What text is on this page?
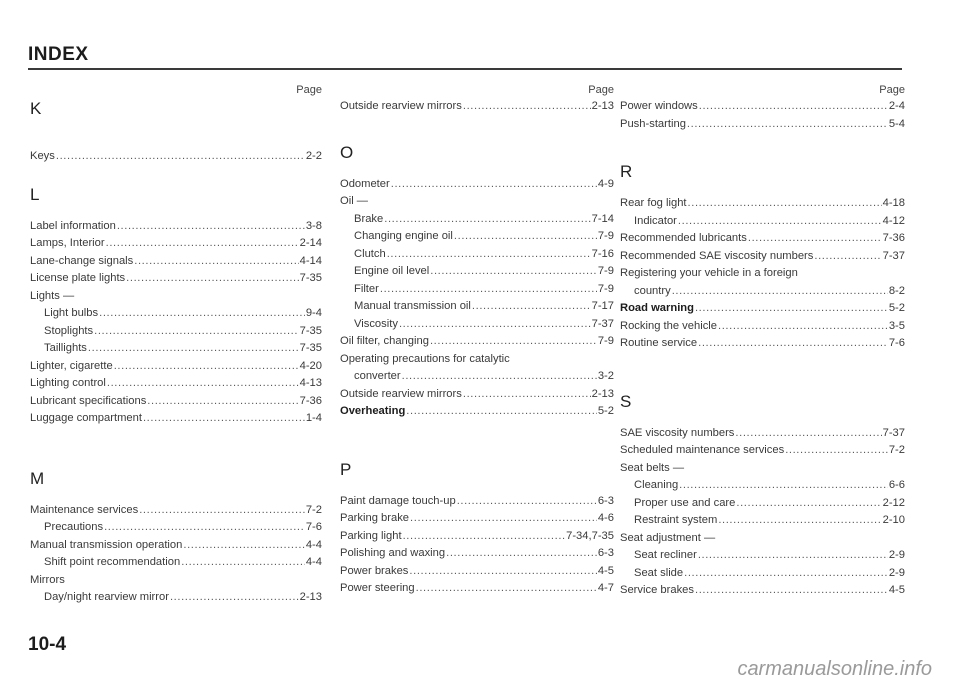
INDEX
Page
K
Keys .....	2-2
L
Label information .....	3-8
Lamps, Interior .....	2-14
Lane-change signals .....	4-14
License plate lights .....	7-35
Lights —
Light bulbs .....	9-4
Stoplights .....	7-35
Taillights .....	7-35
Lighter, cigarette .....	4-20
Lighting control .....	4-13
Lubricant specifications .....	7-36
Luggage compartment .....	1-4
M
Maintenance services .....	7-2
Precautions .....	7-6
Manual transmission operation .....	4-4
Shift point recommendation .....	4-4
Mirrors
Day/night rearview mirror .....	2-13
Page
Outside rearview mirrors .....	2-13
O
Odometer .....	4-9
Oil —
Brake .....	7-14
Changing engine oil .....	7-9
Clutch .....	7-16
Engine oil level .....	7-9
Filter .....	7-9
Manual transmission oil .....	7-17
Viscosity .....	7-37
Oil filter, changing .....	7-9
Operating precautions for catalytic
converter .....	3-2
Outside rearview mirrors .....	2-13
Overheating .....	5-2
P
Paint damage touch-up .....	6-3
Parking brake .....	4-6
Parking light .....	7-34,7-35
Polishing and waxing .....	6-3
Power brakes .....	4-5
Power steering .....	4-7
Page
Power windows .....	2-4
Push-starting .....	5-4
R
Rear fog light .....	4-18
Indicator .....	4-12
Recommended lubricants .....	7-36
Recommended SAE viscosity numbers .....	7-37
Registering your vehicle in a foreign
country .....	8-2
Road warning .....	5-2
Rocking the vehicle .....	3-5
Routine service .....	7-6
S
SAE viscosity numbers .....	7-37
Scheduled maintenance services .....	7-2
Seat belts —
Cleaning .....	6-6
Proper use and care .....	2-12
Restraint system .....	2-10
Seat adjustment —
Seat recliner .....	2-9
Seat slide .....	2-9
Service brakes .....	4-5
10-4
carmanualsonline.info
